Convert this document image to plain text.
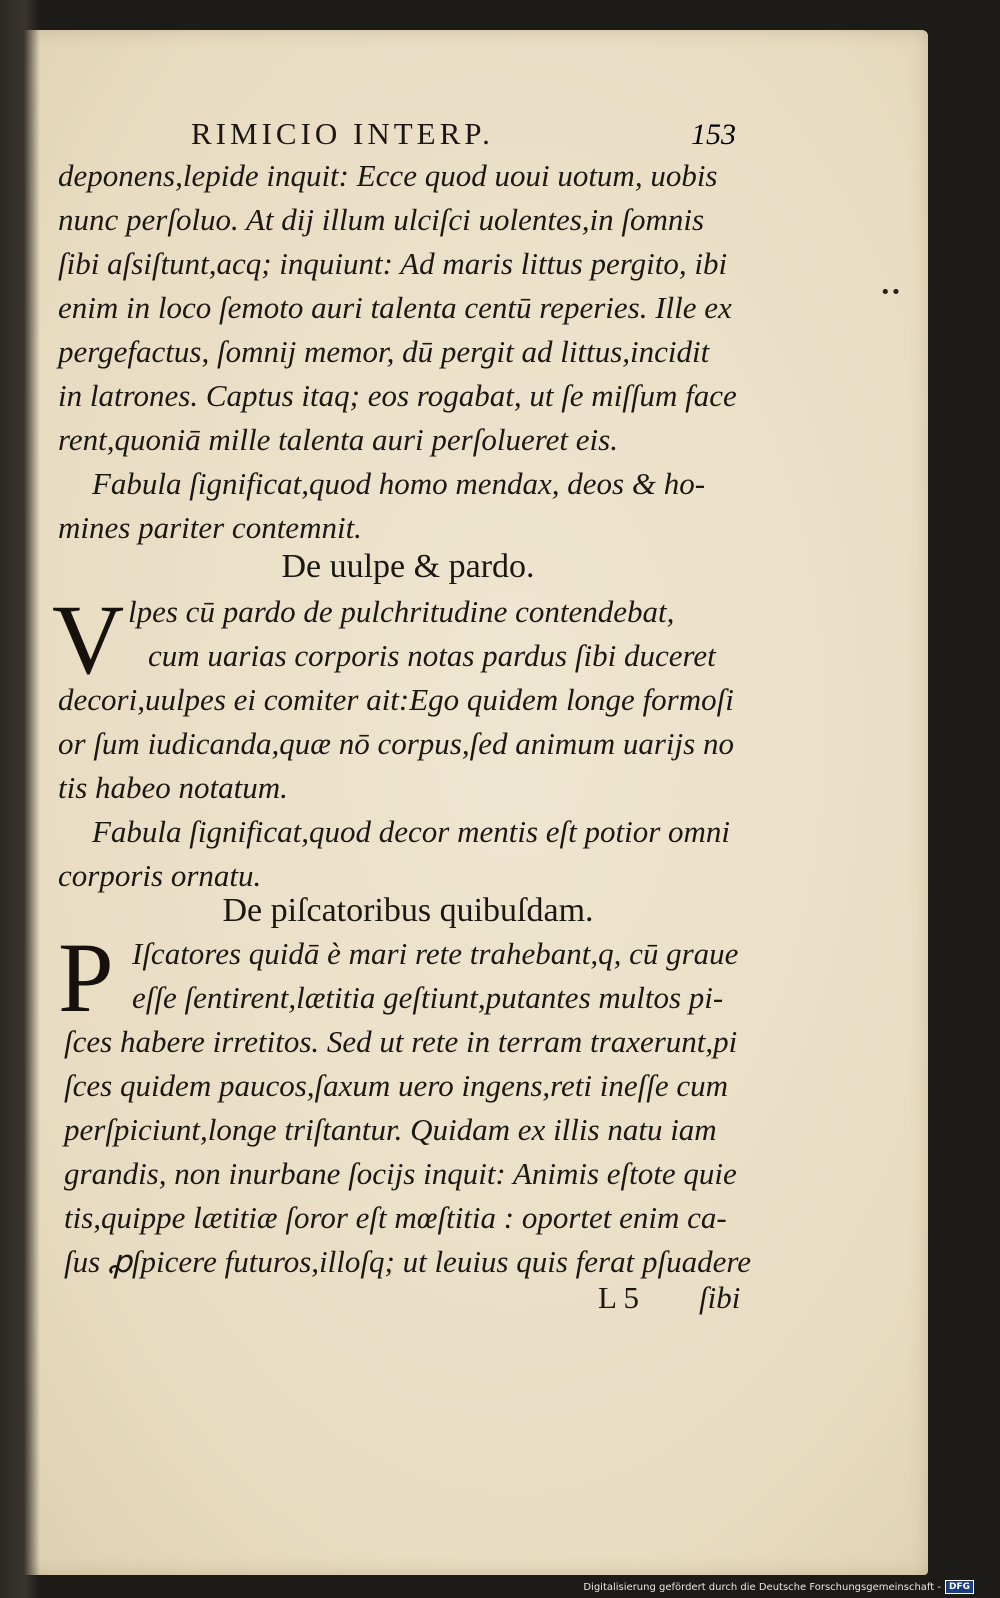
RIMICIO INTERP.	153
••
deponens,lepide inquit: Ecce quod uoui uotum, uobis
nunc perſoluo. At dij illum ulciſci uolentes,in ſomnis
ſibi aſsiſtunt,acq; inquiunt: Ad maris littus pergito, ibi
enim in loco ſemoto auri talenta centū reperies. Ille ex
pergefactus, ſomnij memor, dū pergit ad littus,incidit
in latrones. Captus itaq; eos rogabat, ut ſe miſſum face
rent,quoniā mille talenta auri perſolueret eis.
Fabula ſignificat,quod homo mendax, deos & ho-
mines pariter contemnit.
De uulpe & pardo.
V lpes cū pardo de pulchritudine contendebat,
cum uarias corporis notas pardus ſibi duceret
decori,uulpes ei comiter ait:Ego quidem longe formoſi
or ſum iudicanda,quæ nō corpus,ſed animum uarijs no
tis habeo notatum.
Fabula ſignificat,quod decor mentis eſt potior omni
corporis ornatu.
De piſcatoribus quibuſdam.
P Iſcatores quidā è mari rete trahebant,q, cū graue
eſſe ſentirent,lætitia geſtiunt,putantes multos pi-
ſces habere irretitos. Sed ut rete in terram traxerunt,pi
ſces quidem paucos,ſaxum uero ingens,reti ineſſe cum
perſpiciunt,longe triſtantur. Quidam ex illis natu iam
grandis, non inurbane ſocijs inquit: Animis eſtote quie
tis,quippe lætitiæ ſoror eſt mœſtitia : oportet enim ca-
ſus ꝓſpicere futuros,illoſq; ut leuius quis ferat pſuadere
L 5 ſibi
Digitalisierung gefördert durch die Deutsche Forschungsgemeinschaft - DFG
